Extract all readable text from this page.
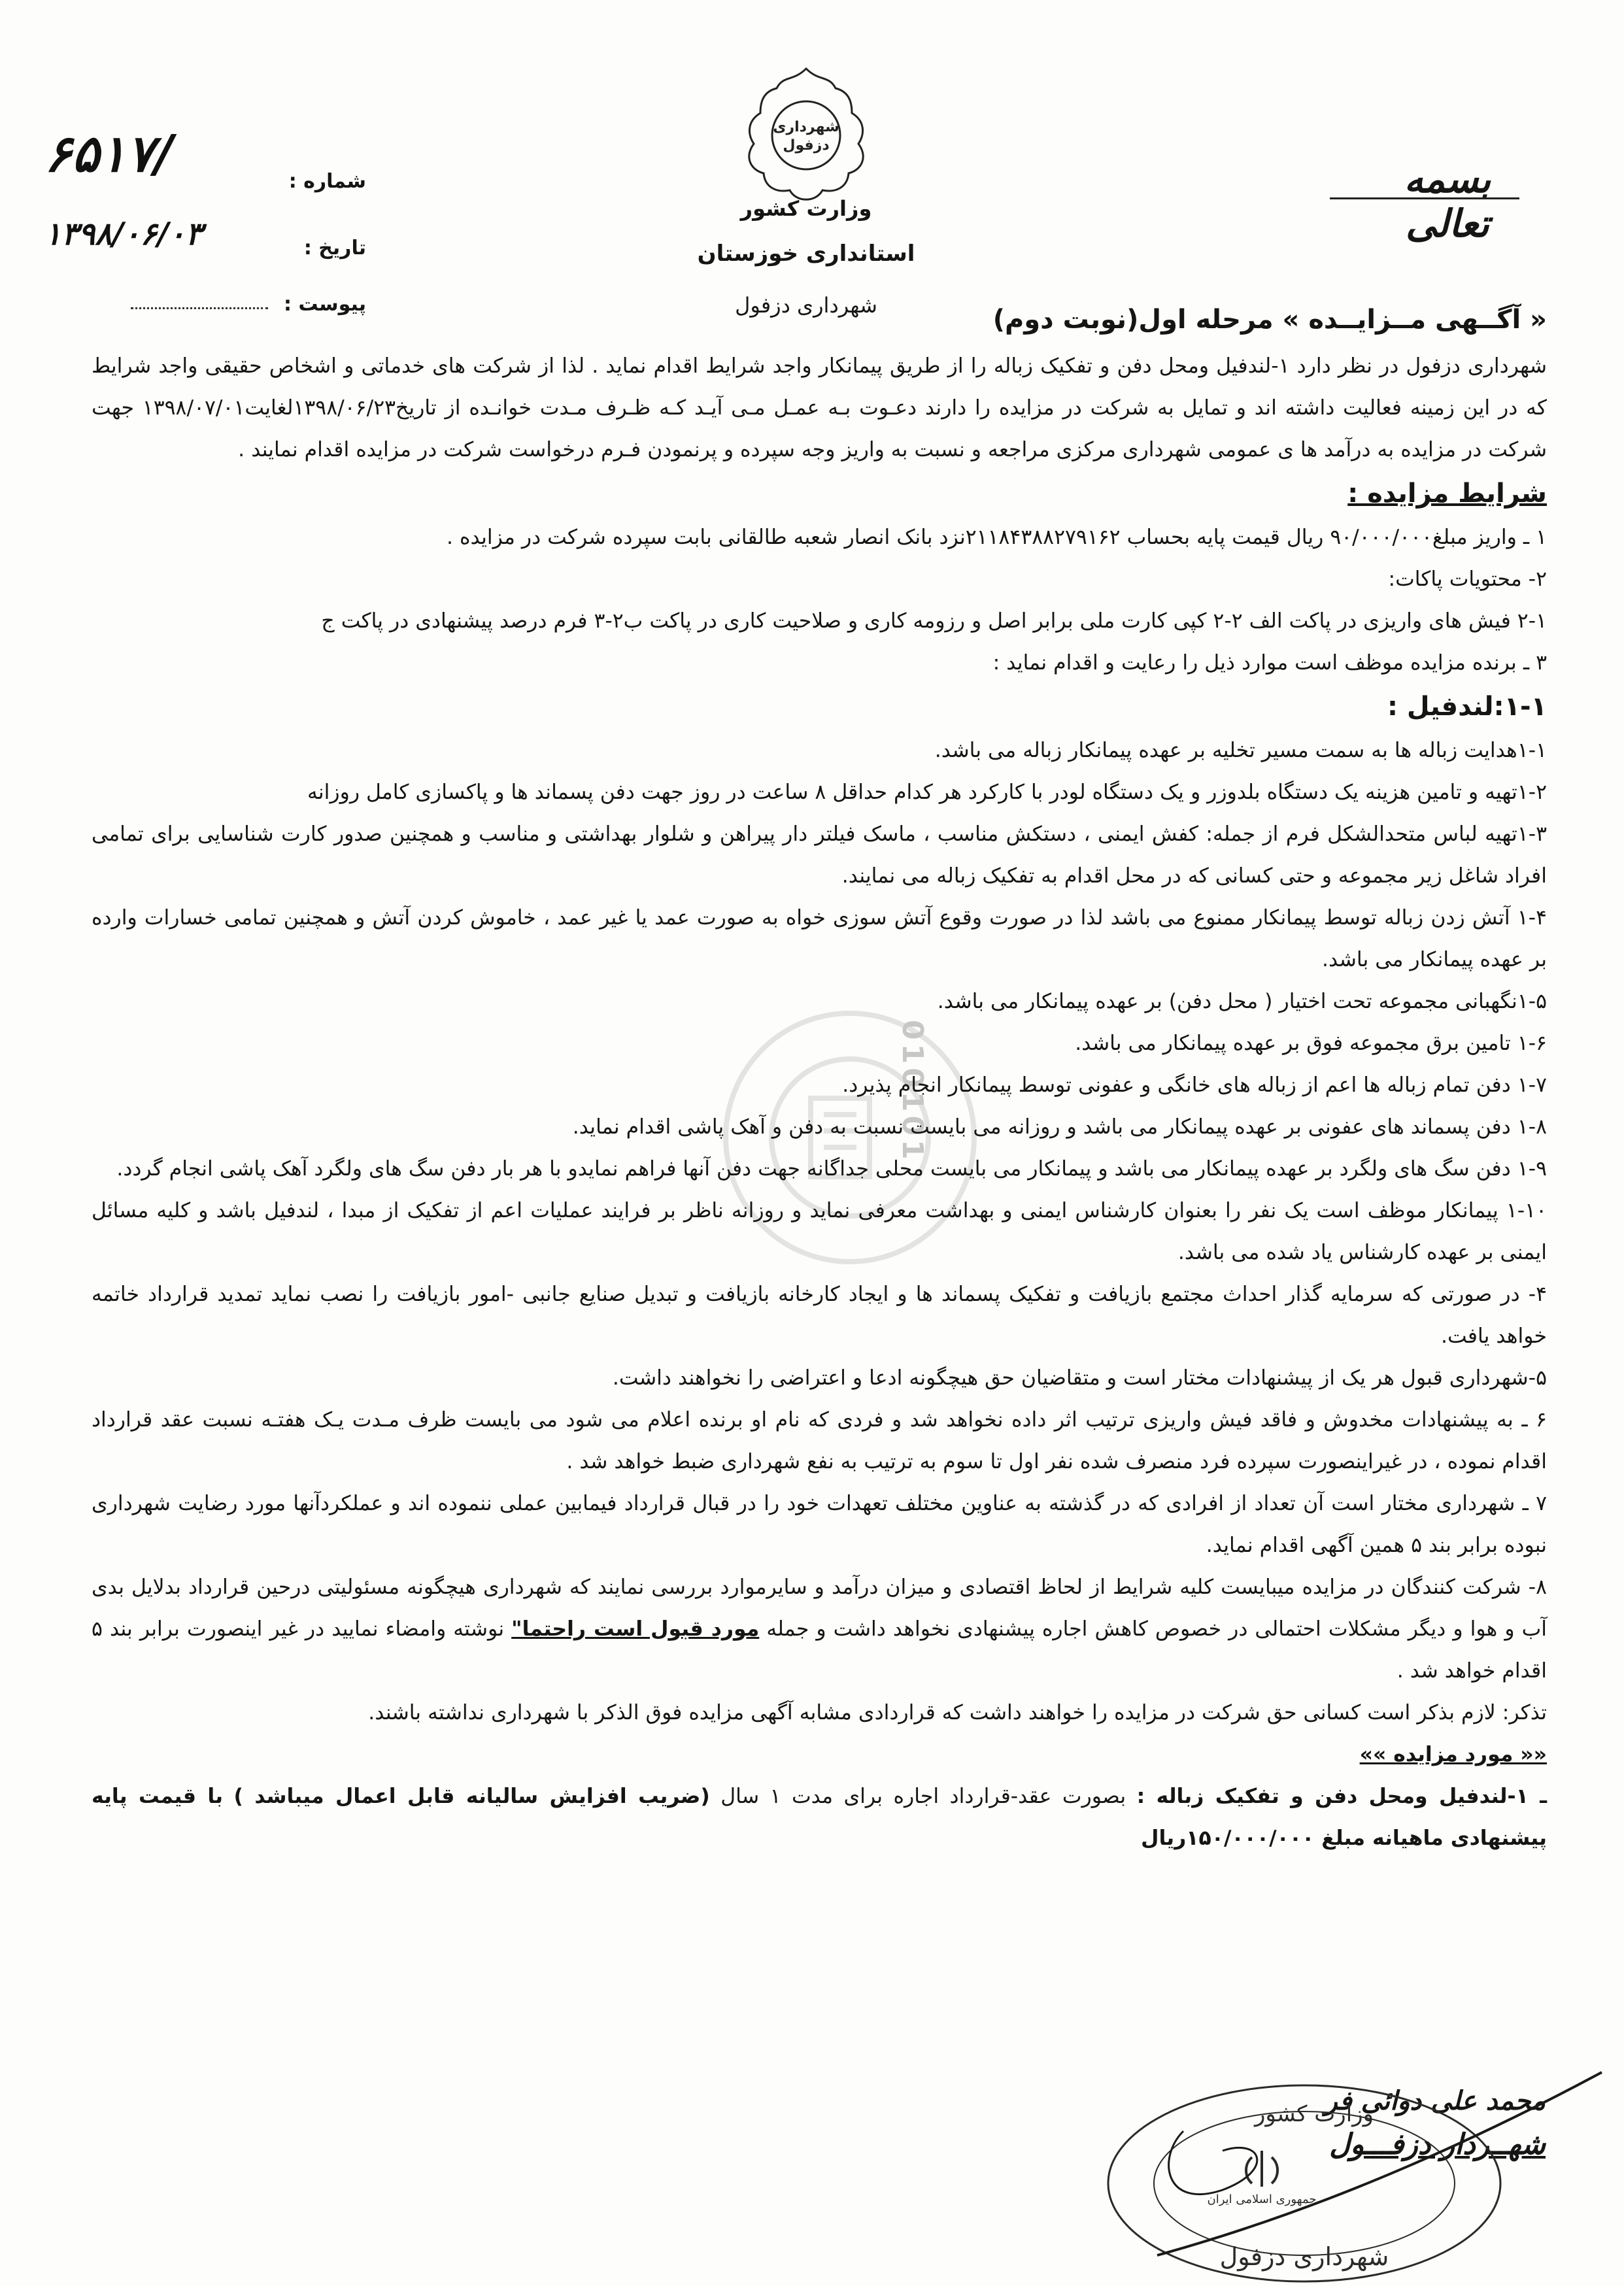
شهرداری
دزفول
وزارت کشور
استانداری خوزستان
شهرداری دزفول
بسمه تعالی
شماره :
۶۵۱۷/
تاریخ :
۱۳۹۸/۰۶/۰۳
پیوست :
« آگــهی مــزایــده » مرحله اول(نوبت دوم)
010101

شهرداری دزفول در نظر دارد ۱-لندفیل ومحل دفن و تفکیک زباله را از طریق پیمانکار واجد شرایط اقدام نماید . لذا از شرکت های خدماتی و اشخاص حقیقی واجد شرایط که در این زمینه فعالیت داشته اند و تمایل به شرکت در مزایده را دارند دعـوت بـه عمـل مـی آیـد کـه ظـرف مـدت خوانـده از تاریخ۱۳۹۸/۰۶/۲۳لغایت۱۳۹۸/۰۷/۰۱ جهت شرکت در مزایده به درآمد ها ی عمومی شهرداری مرکزی مراجعه و نسبت به واریز وجه سپرده و پرنمودن فـرم درخواست شرکت در مزایده اقدام نمایند .

شرایط مزایده :

۱ ـ واریز مبلغ۹۰/۰۰۰/۰۰۰ ریال قیمت پایه بحساب ۲۱۱۸۴۳۸۸۲۷۹۱۶۲نزد بانک انصار شعبه طالقانی بابت سپرده شرکت در مزایده .

۲- محتویات پاکات:

۲-۱ فیش های واریزی در پاکت الف ۲-۲ کپی کارت ملی برابر اصل و رزومه کاری و صلاحیت کاری در پاکت ب۲-۳ فرم درصد پیشنهادی در پاکت ج

۳ ـ برنده مزایده موظف است موارد ذیل را رعایت و اقدام نماید :

۱-۱:لندفیل :

۱-۱هدایت زباله ها به سمت مسیر تخلیه بر عهده پیمانکار زباله می باشد.

۱-۲تهیه و تامین هزینه یک دستگاه بلدوزر و یک دستگاه لودر با کارکرد هر کدام حداقل ۸ ساعت در روز جهت دفن پسماند ها و پاکسازی کامل روزانه

۱-۳تهیه لباس متحدالشکل فرم از جمله: کفش ایمنی ، دستکش مناسب ، ماسک فیلتر دار پیراهن و شلوار بهداشتی و مناسب و همچنین صدور کارت شناسایی برای تمامی افراد شاغل زیر مجموعه و حتی کسانی که در محل اقدام به تفکیک زباله می نمایند.

۱-۴ آتش زدن زباله توسط پیمانکار ممنوع می باشد لذا در صورت وقوع آتش سوزی خواه به صورت عمد یا غیر عمد ، خاموش کردن آتش و همچنین تمامی خسارات وارده بر عهده پیمانکار می باشد.

۱-۵نگهبانی مجموعه تحت اختیار ( محل دفن) بر عهده پیمانکار می باشد.

۱-۶ تامین برق مجموعه فوق بر عهده پیمانکار می باشد.

۱-۷ دفن تمام زباله ها اعم از زباله های خانگی و عفونی توسط پیمانکار انجام پذیرد.

۱-۸ دفن پسماند های عفونی بر عهده پیمانکار می باشد و روزانه می بایست نسبت به دفن و آهک پاشی اقدام نماید.

۱-۹ دفن سگ های ولگرد بر عهده پیمانکار می باشد و پیمانکار می بایست محلی جداگانه جهت دفن آنها فراهم نمایدو با هر بار دفن سگ های ولگرد آهک پاشی انجام گردد.

۱-۱۰ پیمانکار موظف است یک نفر را بعنوان کارشناس ایمنی و بهداشت معرفی نماید و روزانه ناظر بر فرایند عملیات اعم از تفکیک از مبدا ، لندفیل باشد و کلیه مسائل ایمنی بر عهده کارشناس یاد شده می باشد.

۴- در صورتی که سرمایه گذار احداث مجتمع بازیافت و تفکیک پسماند ها و ایجاد کارخانه بازیافت و تبدیل صنایع جانبی -امور بازیافت را نصب نماید تمدید قرارداد خاتمه خواهد یافت.

۵-شهرداری قبول هر یک از پیشنهادات مختار است و متقاضیان حق هیچگونه ادعا و اعتراضی را نخواهند داشت.

۶ ـ به پیشنهادات مخدوش و فاقد فیش واریزی ترتیب اثر داده نخواهد شد و فردی که نام او برنده اعلام می شود می بایست ظرف مـدت یـک هفتـه نسبت عقد قرارداد اقدام نموده ، در غیراینصورت سپرده فرد منصرف شده نفر اول تا سوم به ترتیب به نفع شهرداری ضبط خواهد شد .

۷ ـ شهرداری مختار است آن تعداد از افرادی که در گذشته به عناوین مختلف تعهدات خود را در قبال قرارداد فیمابین عملی ننموده اند و عملکردآنها مورد رضایت شهرداری نبوده برابر بند ۵ همین آگهی اقدام نماید.

۸- شرکت کنندگان در مزایده میبایست کلیه شرایط از لحاظ اقتصادی و میزان درآمد و سایرموارد بررسی نمایند که شهرداری هیچگونه مسئولیتی درحین قرارداد بدلایل بدی آب و هوا و دیگر مشکلات احتمالی در خصوص کاهش اجاره پیشنهادی نخواهد داشت و جمله مورد قبول است راحتما" نوشته وامضاء نمایید در غیر اینصورت برابر بند ۵ اقدام خواهد شد .

تذکر: لازم بذکر است کسانی حق شرکت در مزایده را خواهند داشت که قراردادی مشابه آگهی مزایده فوق الذکر با شهرداری نداشته باشند.

«« مورد مزایده »»

ـ ۱-لندفیل ومحل دفن و تفکیک زباله : بصورت عقد-قرارداد اجاره برای مدت ۱ سال (ضریب افزایش سالیانه قابل اعمال میباشد ) با قیمت پایه پیشنهادی ماهیانه مبلغ ۱۵۰/۰۰۰/۰۰۰ریال

محمد علی دوائی فر
شهــردار دزفـــول
وزارت کشور
شهرداری دزفول
جمهوری اسلامی ایران
